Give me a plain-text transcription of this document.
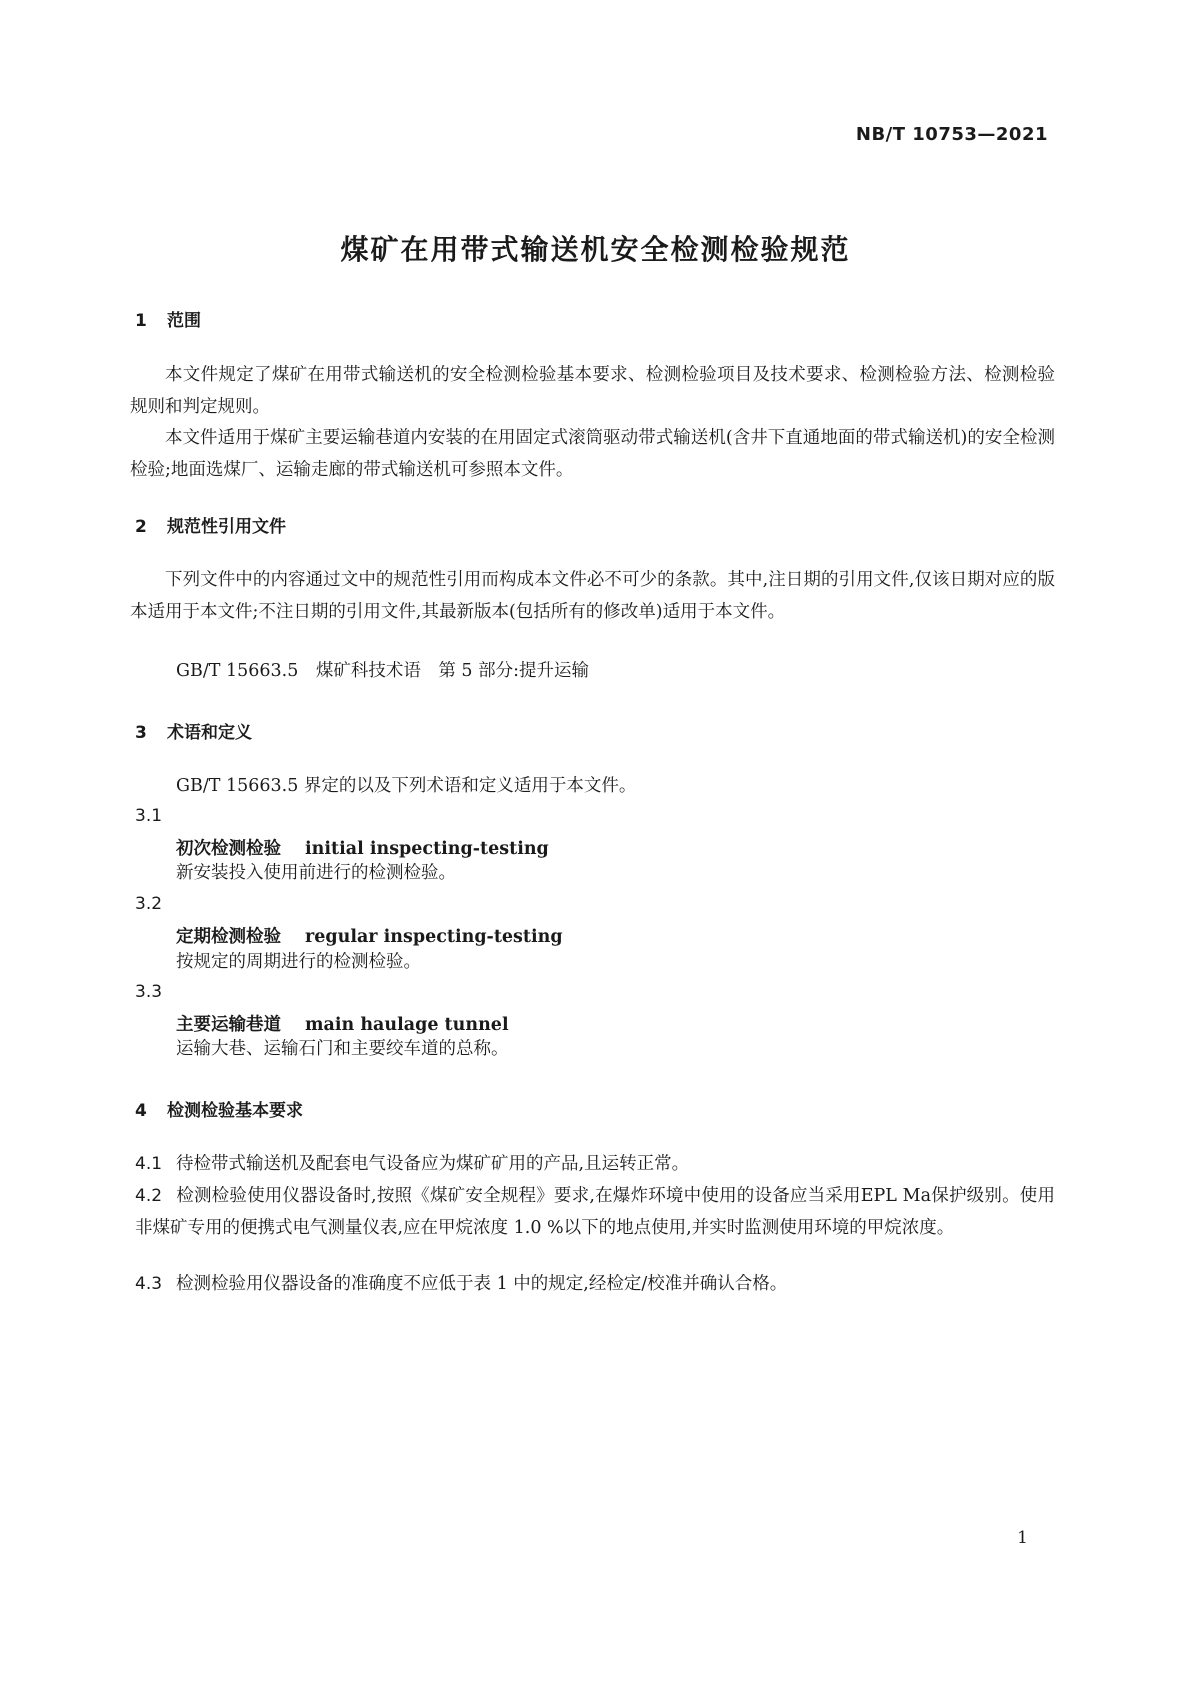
NB/T 10753—2021
煤矿在用带式输送机安全检测检验规范
1 范围
本文件规定了煤矿在用带式输送机的安全检测检验基本要求、检测检验项目及技术要求、检测检验方法、检测检验规则和判定规则。
本文件适用于煤矿主要运输巷道内安装的在用固定式滚筒驱动带式输送机(含井下直通地面的带式输送机)的安全检测检验;地面选煤厂、运输走廊的带式输送机可参照本文件。
2 规范性引用文件
下列文件中的内容通过文中的规范性引用而构成本文件必不可少的条款。其中,注日期的引用文件,仅该日期对应的版本适用于本文件;不注日期的引用文件,其最新版本(包括所有的修改单)适用于本文件。
GB/T 15663.5　煤矿科技术语　第 5 部分:提升运输
3 术语和定义
GB/T 15663.5 界定的以及下列术语和定义适用于本文件。
3.1
初次检测检验 initial inspecting-testing
新安装投入使用前进行的检测检验。
3.2
定期检测检验 regular inspecting-testing
按规定的周期进行的检测检验。
3.3
主要运输巷道 main haulage tunnel
运输大巷、运输石门和主要绞车道的总称。
4 检测检验基本要求
4.1 待检带式输送机及配套电气设备应为煤矿矿用的产品,且运转正常。
4.2 检测检验使用仪器设备时,按照《煤矿安全规程》要求,在爆炸环境中使用的设备应当采用EPL Ma保护级别。使用非煤矿专用的便携式电气测量仪表,应在甲烷浓度 1.0 %以下的地点使用,并实时监测使用环境的甲烷浓度。
4.3 检测检验用仪器设备的准确度不应低于表 1 中的规定,经检定/校准并确认合格。
1
